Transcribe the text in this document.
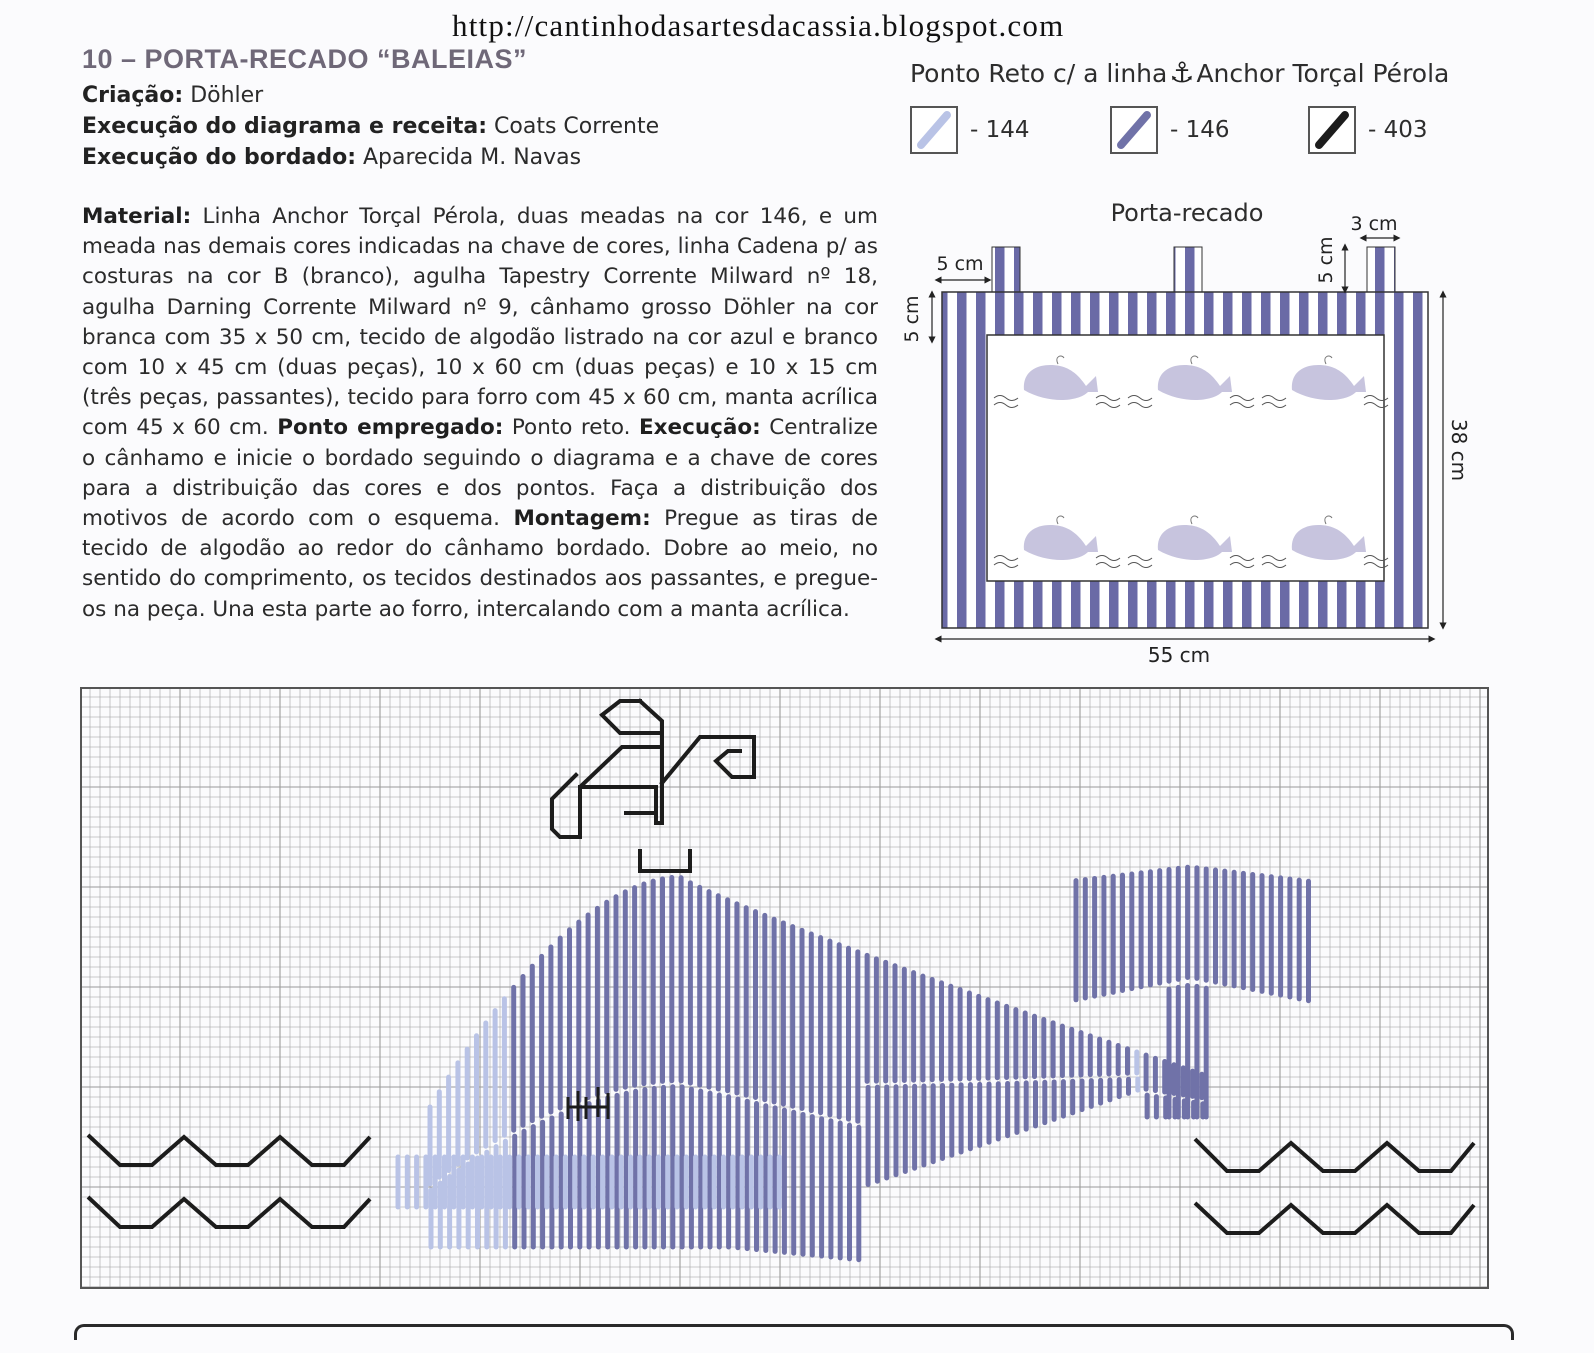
http://cantinhodasartesdacassia.blogspot.com
10 – PORTA-RECADO “BALEIAS”
Criação: Döhler
Execução do diagrama e receita: Coats Corrente
Execução do bordado: Aparecida M. Navas
Material: Linha Anchor Torçal Pérola, duas meadas na cor 146, e um meada nas demais cores indicadas na chave de cores, linha Cadena p/ as costuras na cor B (branco), agulha Tapestry Corrente Milward nº 18, agulha Darning Corrente Milward nº 9, cânhamo grosso Döhler na cor branca com 35 x 50 cm, tecido de algodão listrado na cor azul e branco com 10 x 45 cm (duas peças), 10 x 60 cm (duas peças) e 10 x 15 cm (três peças, passantes), tecido para forro com 45 x 60 cm, manta acrílica com 45 x 60 cm. Ponto empregado: Ponto reto. Execução: Centralize o cânhamo e inicie o bordado seguindo o diagrama e a chave de cores para a distribuição das cores e dos pontos. Faça a distribuição dos motivos de acordo com o esquema. Montagem: Pregue as tiras de tecido de algodão ao redor do cânhamo bordado. Dobre ao meio, no sentido do comprimento, os tecidos destinados aos passantes, e pregue-os na peça. Una esta parte ao forro, intercalando com a manta acrílica.
Ponto Reto c/ a linha⚓Anchor Torçal Pérola
- 144	- 146	- 403
Porta-recado
5 cm
3 cm
5 cm
5 cm
38 cm
55 cm
